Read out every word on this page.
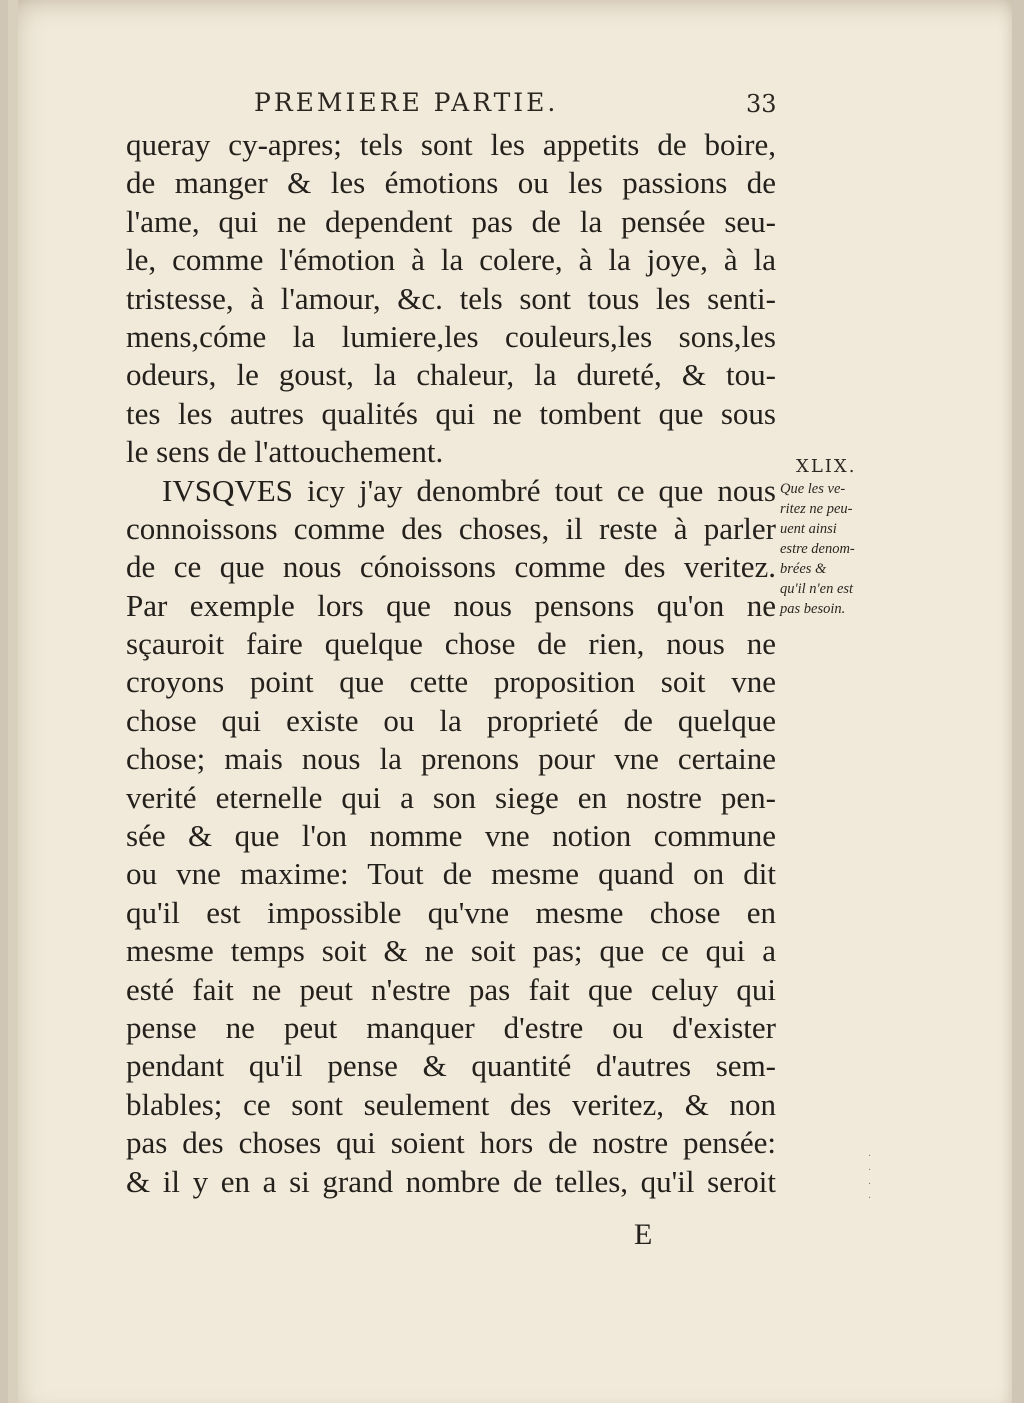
PREMIERE PARTIE.	33
queray cy-apres; tels sont les appetits de boire,
de manger & les émotions ou les passions de
l'ame, qui ne dependent pas de la pensée seu-
le, comme l'émotion à la colere, à la joye, à la
tristesse, à l'amour, &c. tels sont tous les senti-
mens,cóme la lumiere,les couleurs,les sons,les
odeurs, le goust, la chaleur, la dureté, & tou-
tes les autres qualités qui ne tombent que sous
le sens de l'attouchement.
IVSQVES icy j'ay denombré tout ce que nous
connoissons comme des choses, il reste à parler
de ce que nous cónoissons comme des veritez.
Par exemple lors que nous pensons qu'on ne
sçauroit faire quelque chose de rien, nous ne
croyons point que cette proposition soit vne
chose qui existe ou la proprieté de quelque
chose; mais nous la prenons pour vne certaine
verité eternelle qui a son siege en nostre pen-
sée & que l'on nomme vne notion commune
ou vne maxime: Tout de mesme quand on dit
qu'il est impossible qu'vne mesme chose en
mesme temps soit & ne soit pas; que ce qui a
esté fait ne peut n'estre pas fait que celuy qui
pense ne peut manquer d'estre ou d'exister
pendant qu'il pense & quantité d'autres sem-
blables; ce sont seulement des veritez, & non
pas des choses qui soient hors de nostre pensée:
& il y en a si grand nombre de telles, qu'il seroit
XLIX.
Que les ve-
ritez ne peu-
uent ainsi
estre denom-
brées &
qu'il n'en est
pas besoin.
E
·
·
·
·
